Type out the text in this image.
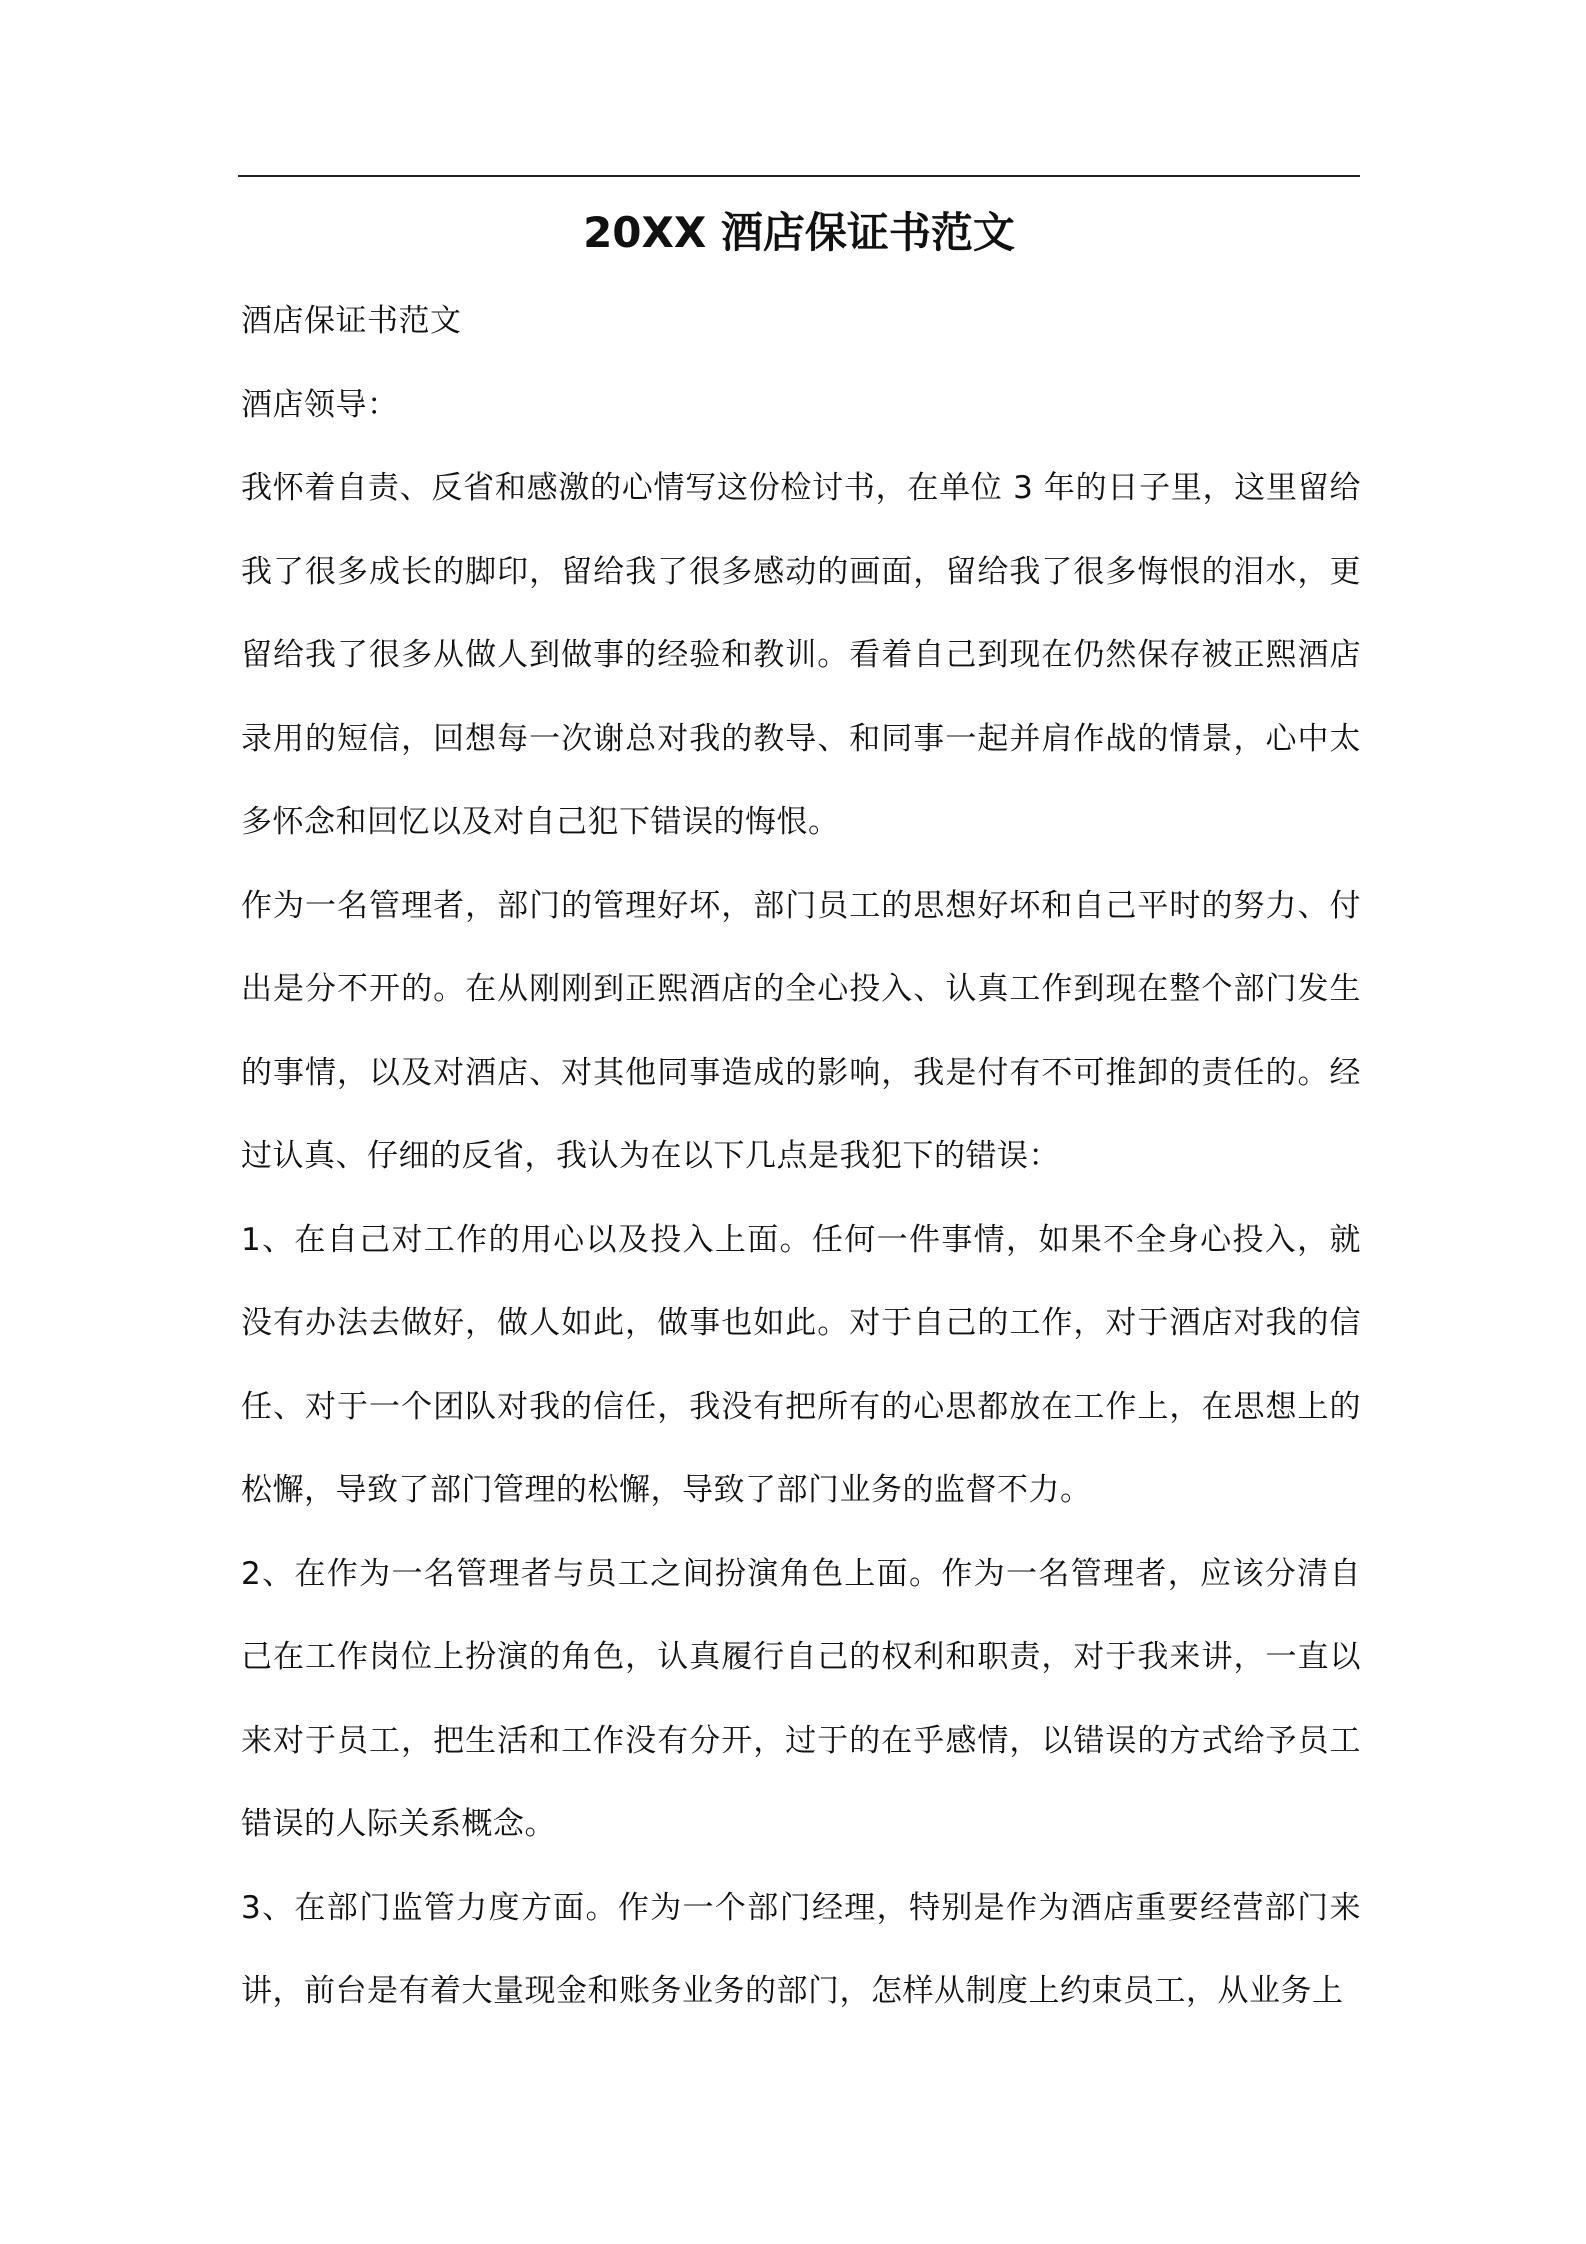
20XX 酒店保证书范文

酒店保证书范文

酒店领导：

我怀着自责、反省和感激的心情写这份检讨书，在单位 3 年的日子里，这里留给我了很多成长的脚印，留给我了很多感动的画面，留给我了很多悔恨的泪水，更留给我了很多从做人到做事的经验和教训。看着自己到现在仍然保存被正熙酒店录用的短信，回想每一次谢总对我的教导、和同事一起并肩作战的情景，心中太多怀念和回忆以及对自己犯下错误的悔恨。

作为一名管理者，部门的管理好坏，部门员工的思想好坏和自己平时的努力、付出是分不开的。在从刚刚到正熙酒店的全心投入、认真工作到现在整个部门发生的事情，以及对酒店、对其他同事造成的影响，我是付有不可推卸的责任的。经过认真、仔细的反省，我认为在以下几点是我犯下的错误：

1、在自己对工作的用心以及投入上面。任何一件事情，如果不全身心投入，就没有办法去做好，做人如此，做事也如此。对于自己的工作，对于酒店对我的信任、对于一个团队对我的信任，我没有把所有的心思都放在工作上，在思想上的松懈，导致了部门管理的松懈，导致了部门业务的监督不力。

2、在作为一名管理者与员工之间扮演角色上面。作为一名管理者，应该分清自己在工作岗位上扮演的角色，认真履行自己的权利和职责，对于我来讲，一直以来对于员工，把生活和工作没有分开，过于的在乎感情，以错误的方式给予员工错误的人际关系概念。

3、在部门监管力度方面。作为一个部门经理，特别是作为酒店重要经营部门来讲，前台是有着大量现金和账务业务的部门，怎样从制度上约束员工，从业务上
